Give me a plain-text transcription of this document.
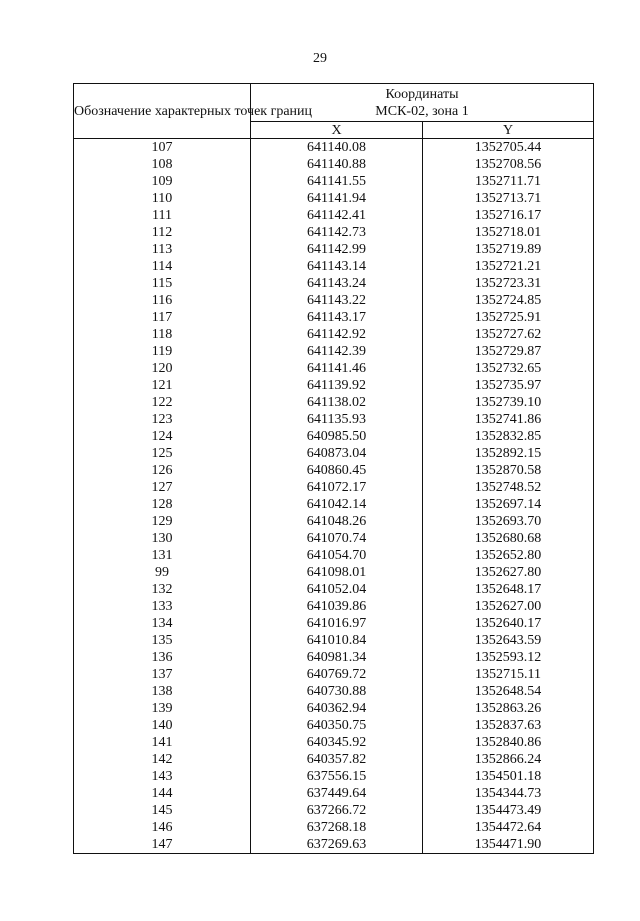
29
Обозначение характерных точек границ	Координаты
МСК-02, зона 1	

	X	Y
107	641140.08	1352705.44
108	641140.88	1352708.56
109	641141.55	1352711.71
110	641141.94	1352713.71
111	641142.41	1352716.17
112	641142.73	1352718.01
113	641142.99	1352719.89
114	641143.14	1352721.21
115	641143.24	1352723.31
116	641143.22	1352724.85
117	641143.17	1352725.91
118	641142.92	1352727.62
119	641142.39	1352729.87
120	641141.46	1352732.65
121	641139.92	1352735.97
122	641138.02	1352739.10
123	641135.93	1352741.86
124	640985.50	1352832.85
125	640873.04	1352892.15
126	640860.45	1352870.58
127	641072.17	1352748.52
128	641042.14	1352697.14
129	641048.26	1352693.70
130	641070.74	1352680.68
131	641054.70	1352652.80
99	641098.01	1352627.80
132	641052.04	1352648.17
133	641039.86	1352627.00
134	641016.97	1352640.17
135	641010.84	1352643.59
136	640981.34	1352593.12
137	640769.72	1352715.11
138	640730.88	1352648.54
139	640362.94	1352863.26
140	640350.75	1352837.63
141	640345.92	1352840.86
142	640357.82	1352866.24
143	637556.15	1354501.18
144	637449.64	1354344.73
145	637266.72	1354473.49
146	637268.18	1354472.64
147	637269.63	1354471.90
